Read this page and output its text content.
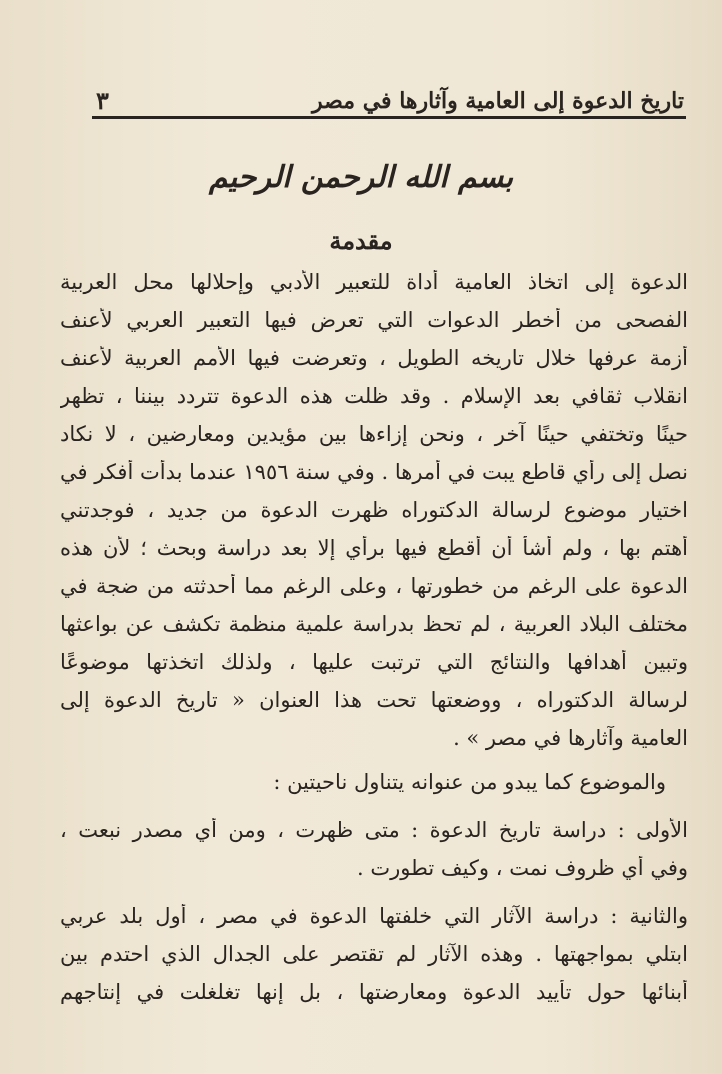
تاريخ الدعوة إلى العامية وآثارها في مصر
٣
بسم الله الرحمن الرحيم
مقدمة
الدعوة إلى اتخاذ العامية أداة للتعبير الأدبي وإحلالها محل العربية
الفصحى من أخطر الدعوات التي تعرض فيها التعبير العربي لأعنف
أزمة عرفها خلال تاريخه الطويل ، وتعرضت فيها الأمم العربية لأعنف
انقلاب ثقافي بعد الإسلام . وقد ظلت هذه الدعوة تتردد بيننا ، تظهر
حينًا وتختفي حينًا آخر ، ونحن إزاءها بين مؤيدين ومعارضين ، لا نكاد
نصل إلى رأي قاطع يبت في أمرها . وفي سنة ١٩٥٦ عندما بدأت أفكر في
اختيار موضوع لرسالة الدكتوراه ظهرت الدعوة من جديد ، فوجدتني
أهتم بها ، ولم أشأ أن أقطع فيها برأي إلا بعد دراسة وبحث ؛ لأن هذه
الدعوة على الرغم من خطورتها ، وعلى الرغم مما أحدثته من ضجة في
مختلف البلاد العربية ، لم تحظ بدراسة علمية منظمة تكشف عن بواعثها
وتبين أهدافها والنتائج التي ترتبت عليها ، ولذلك اتخذتها موضوعًا
لرسالة الدكتوراه ، ووضعتها تحت هذا العنوان « تاريخ الدعوة إلى
العامية وآثارها في مصر » .
والموضوع كما يبدو من عنوانه يتناول ناحيتين :
الأولى : دراسة تاريخ الدعوة : متى ظهرت ، ومن أي مصدر نبعت ،
وفي أي ظروف نمت ، وكيف تطورت .
والثانية : دراسة الآثار التي خلفتها الدعوة في مصر ، أول بلد عربي
ابتلي بمواجهتها . وهذه الآثار لم تقتصر على الجدال الذي احتدم بين
أبنائها حول تأييد الدعوة ومعارضتها ، بل إنها تغلغلت في إنتاجهم
